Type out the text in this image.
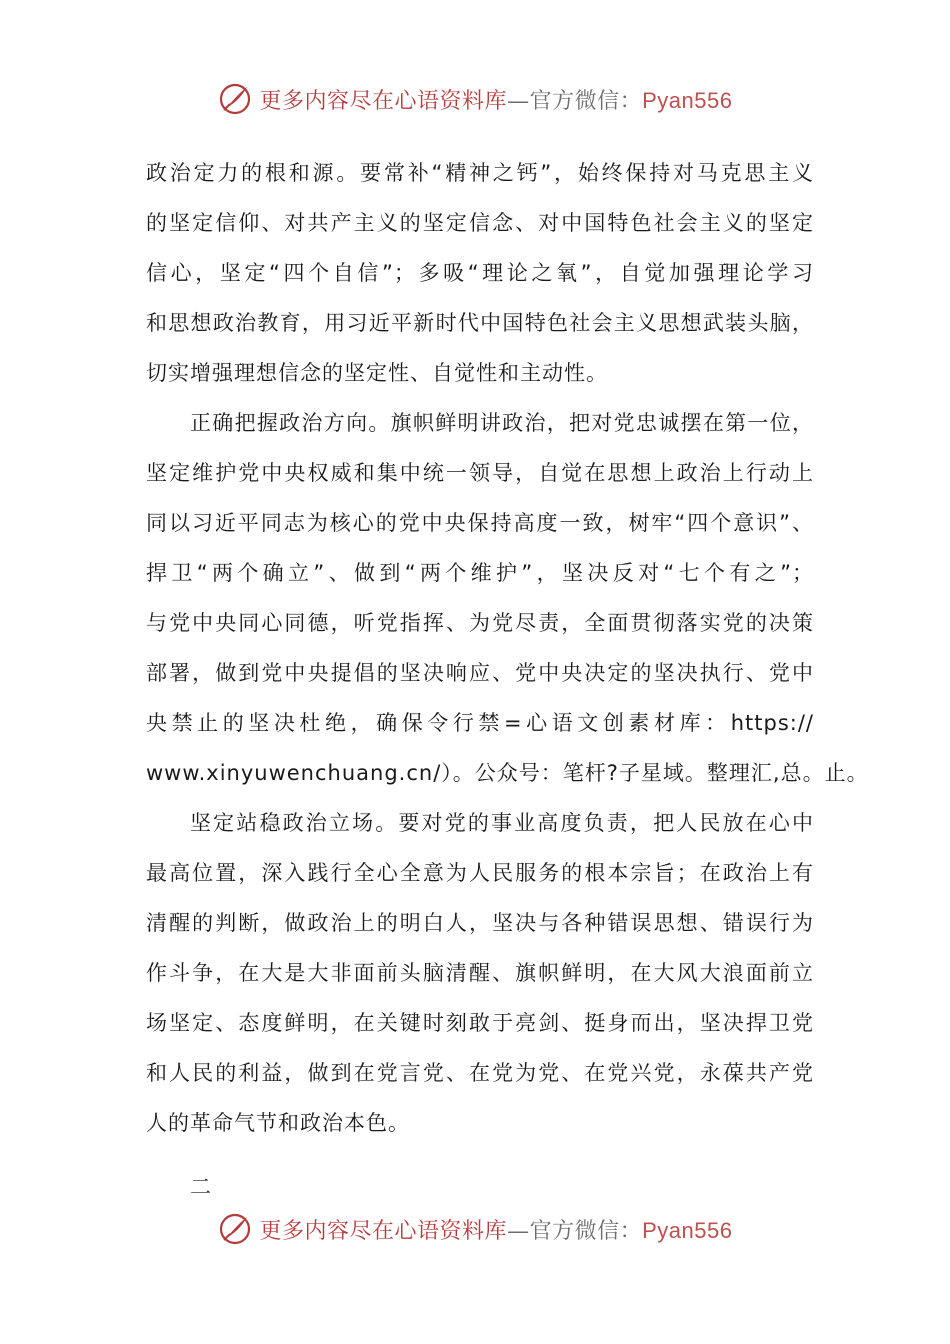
更多内容尽在心语资料库—官方微信：Pyan556
政治定力的根和源。要常补“精神之钙”，始终保持对马克思主义
的坚定信仰、对共产主义的坚定信念、对中国特色社会主义的坚定
信心，坚定“四个自信”；多吸“理论之氧”，自觉加强理论学习
和思想政治教育，用习近平新时代中国特色社会主义思想武装头脑，
切实增强理想信念的坚定性、自觉性和主动性。
正确把握政治方向。旗帜鲜明讲政治，把对党忠诚摆在第一位，
坚定维护党中央权威和集中统一领导，自觉在思想上政治上行动上
同以习近平同志为核心的党中央保持高度一致，树牢“四个意识”、
捍卫“两个确立”、做到“两个维护”，坚决反对“七个有之”；
与党中央同心同德，听党指挥、为党尽责，全面贯彻落实党的决策
部署，做到党中央提倡的坚决响应、党中央决定的坚决执行、党中
央禁止的坚决杜绝，确保令行禁=心语文创素材库：https://
www.xinyuwenchuang.cn/）。公众号：笔杆?子星域。整理汇,总。止。
坚定站稳政治立场。要对党的事业高度负责，把人民放在心中
最高位置，深入践行全心全意为人民服务的根本宗旨；在政治上有
清醒的判断，做政治上的明白人，坚决与各种错误思想、错误行为
作斗争，在大是大非面前头脑清醒、旗帜鲜明，在大风大浪面前立
场坚定、态度鲜明，在关键时刻敢于亮剑、挺身而出，坚决捍卫党
和人民的利益，做到在党言党、在党为党、在党兴党，永葆共产党
人的革命气节和政治本色。
二
更多内容尽在心语资料库—官方微信：Pyan556
